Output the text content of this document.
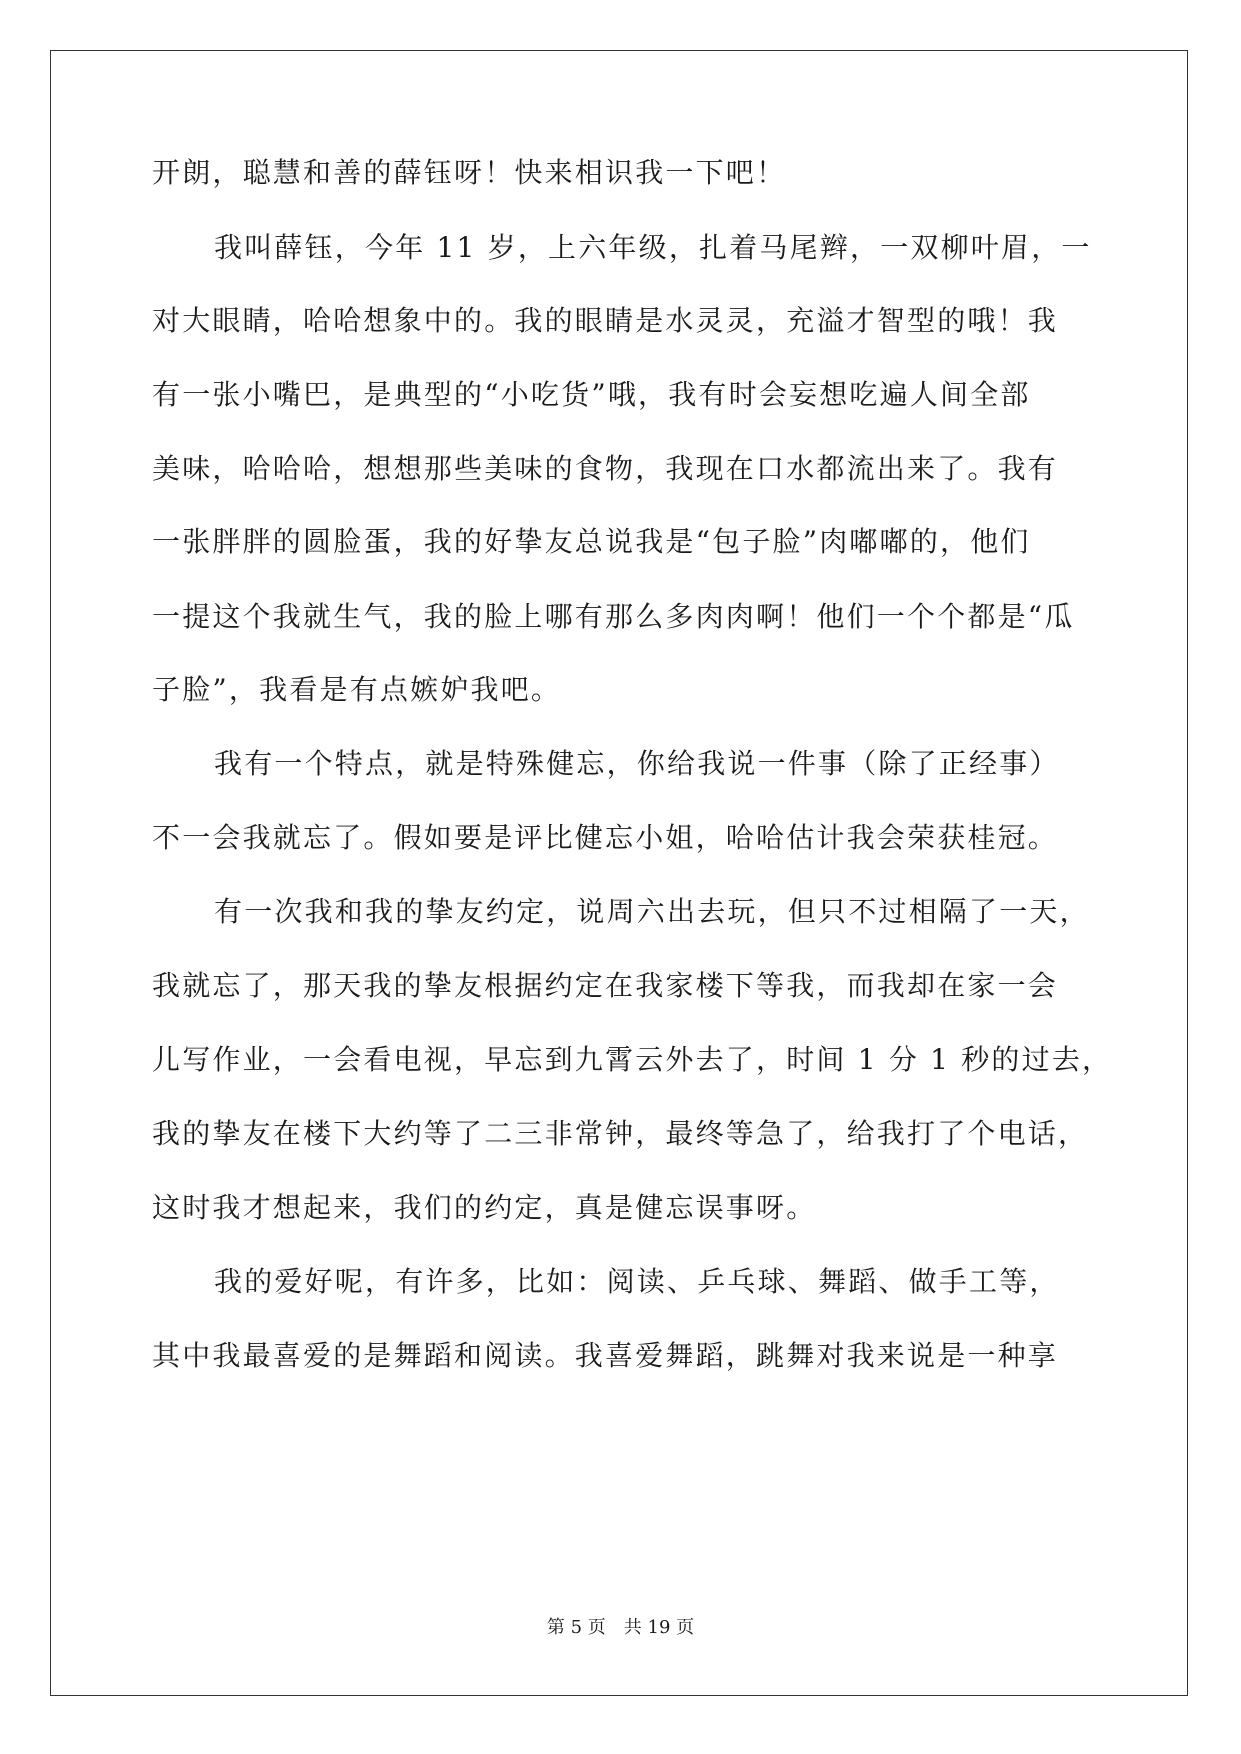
开朗，聪慧和善的薛钰呀！快来相识我一下吧！
我叫薛钰，今年 11 岁，上六年级，扎着马尾辫，一双柳叶眉，一
对大眼睛，哈哈想象中的。我的眼睛是水灵灵，充溢才智型的哦！我
有一张小嘴巴，是典型的“小吃货”哦，我有时会妄想吃遍人间全部
美味，哈哈哈，想想那些美味的食物，我现在口水都流出来了。我有
一张胖胖的圆脸蛋，我的好挚友总说我是“包子脸”肉嘟嘟的，他们
一提这个我就生气，我的脸上哪有那么多肉肉啊！他们一个个都是“瓜
子脸”，我看是有点嫉妒我吧。
我有一个特点，就是特殊健忘，你给我说一件事（除了正经事）
不一会我就忘了。假如要是评比健忘小姐，哈哈估计我会荣获桂冠。
有一次我和我的挚友约定，说周六出去玩，但只不过相隔了一天，
我就忘了，那天我的挚友根据约定在我家楼下等我，而我却在家一会
儿写作业，一会看电视，早忘到九霄云外去了，时间 1 分 1 秒的过去，
我的挚友在楼下大约等了二三非常钟，最终等急了，给我打了个电话，
这时我才想起来，我们的约定，真是健忘误事呀。
我的爱好呢，有许多，比如：阅读、乒乓球、舞蹈、做手工等，
其中我最喜爱的是舞蹈和阅读。我喜爱舞蹈，跳舞对我来说是一种享
第 5 页 共 19 页
